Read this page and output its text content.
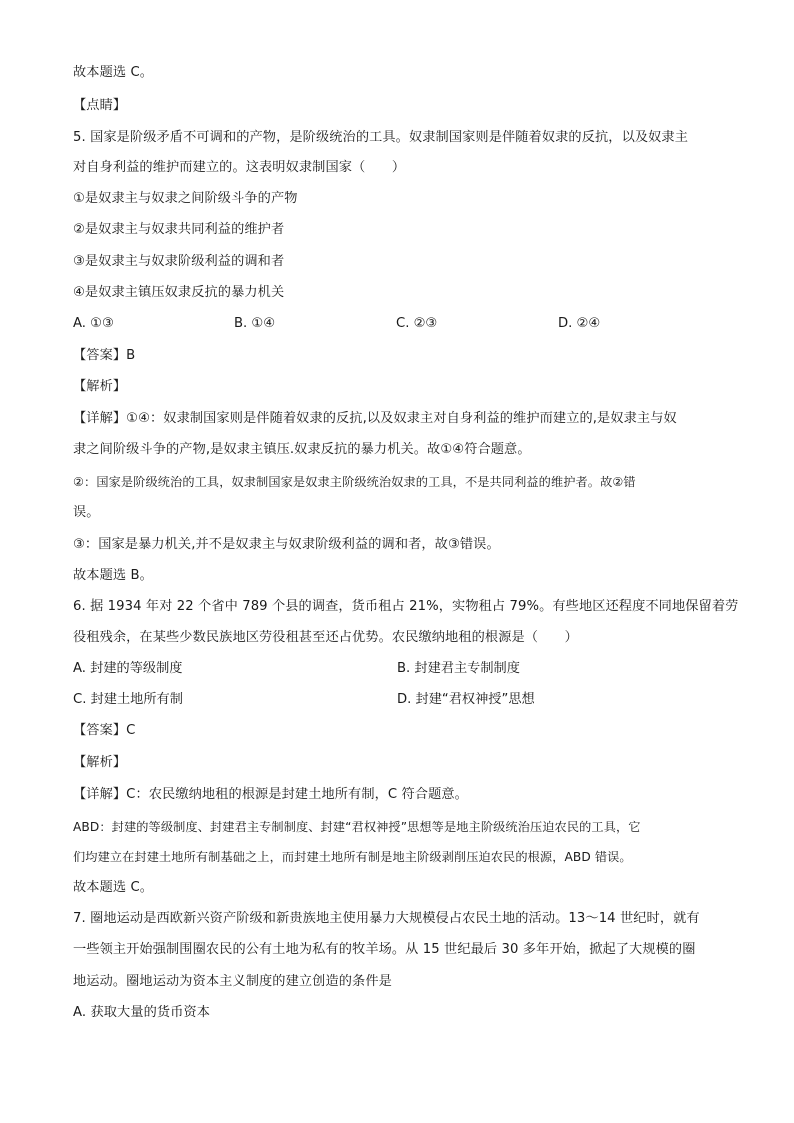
故本题选 C。
【点睛】
5. 国家是阶级矛盾不可调和的产物，是阶级统治的工具。奴隶制国家则是伴随着奴隶的反抗，以及奴隶主
对自身利益的维护而建立的。这表明奴隶制国家（　　）
①是奴隶主与奴隶之间阶级斗争的产物
②是奴隶主与奴隶共同利益的维护者
③是奴隶主与奴隶阶级利益的调和者
④是奴隶主镇压奴隶反抗的暴力机关
A. ①③	B. ①④	C. ②③	D. ②④
【答案】B
【解析】
【详解】①④：奴隶制国家则是伴随着奴隶的反抗,以及奴隶主对自身利益的维护而建立的,是奴隶主与奴
隶之间阶级斗争的产物,是奴隶主镇压.奴隶反抗的暴力机关。故①④符合题意。
②：国家是阶级统治的工具，奴隶制国家是奴隶主阶级统治奴隶的工具，不是共同利益的维护者。故②错
误。
③：国家是暴力机关,并不是奴隶主与奴隶阶级利益的调和者，故③错误。
故本题选 B。
6. 据 1934 年对 22 个省中 789 个县的调查，货币租占 21%，实物租占 79%。有些地区还程度不同地保留着劳
役租残余，在某些少数民族地区劳役租甚至还占优势。农民缴纳地租的根源是（　　）
A. 封建的等级制度	B. 封建君主专制制度
C. 封建土地所有制	D. 封建“君权神授”思想
【答案】C
【解析】
【详解】C：农民缴纳地租的根源是封建土地所有制，C 符合题意。
ABD：封建的等级制度、封建君主专制制度、封建“君权神授”思想等是地主阶级统治压迫农民的工具，它
们均建立在封建土地所有制基础之上，而封建土地所有制是地主阶级剥削压迫农民的根源，ABD 错误。
故本题选 C。
7. 圈地运动是西欧新兴资产阶级和新贵族地主使用暴力大规模侵占农民土地的活动。13～14 世纪时，就有
一些领主开始强制围圈农民的公有土地为私有的牧羊场。从 15 世纪最后 30 多年开始，掀起了大规模的圈
地运动。圈地运动为资本主义制度的建立创造的条件是
A. 获取大量的货币资本
